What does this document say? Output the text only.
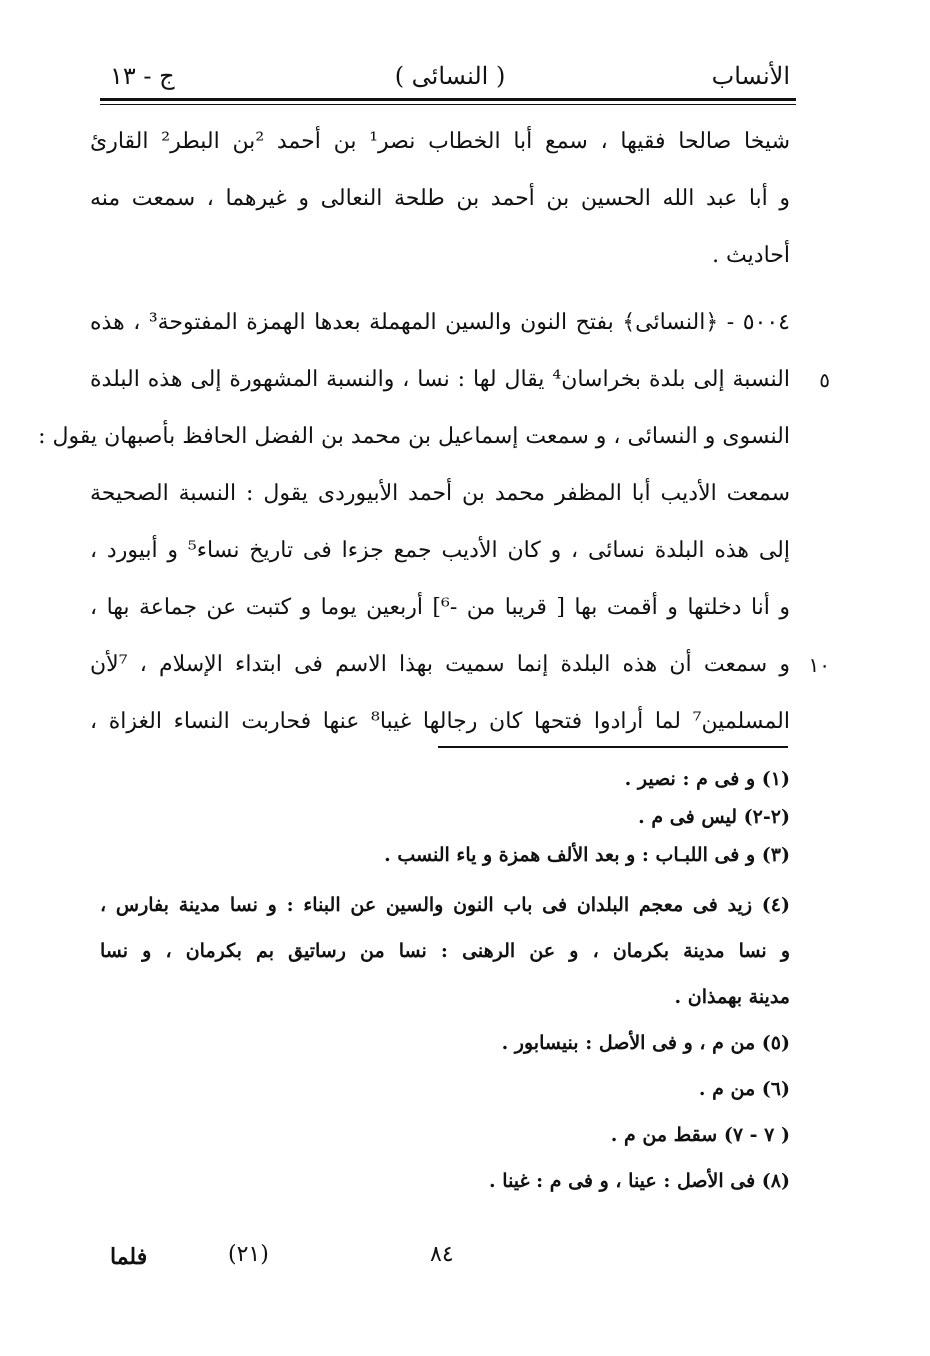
الأنساب
( النسائى )
ج - ١٣
شيخا صالحا فقيها ، سمع أبا الخطاب نصر¹ بن أحمد ²بن البطر² القارئ
و أبا عبد الله الحسين بن أحمد بن طلحة النعالى و غيرهما ، سمعت منه
أحاديث .
٥٠٠٤ - ﴿النسائى﴾ بفتح النون والسين المهملة بعدها الهمزة المفتوحة³ ، هذه
٥
النسبة إلى بلدة بخراسان⁴ يقال لها : نسا ، والنسبة المشهورة إلى هذه البلدة
النسوى و النسائى ، و سمعت إسماعيل بن محمد بن الفضل الحافظ بأصبهان يقول :
سمعت الأديب أبا المظفر محمد بن أحمد الأبيوردى يقول : النسبة الصحيحة
إلى هذه البلدة نسائى ، و كان الأديب جمع جزءا فى تاريخ نساء⁵ و أبيورد ،
و أنا دخلتها و أقمت بها [ قريبا من -⁶] أربعين يوما و كتبت عن جماعة بها ،
١٠
و سمعت أن هذه البلدة إنما سميت بهذا الاسم فى ابتداء الإسلام ، ⁷لأن
المسلمين⁷ لما أرادوا فتحها كان رجالها غيبا⁸ عنها فحاربت النساء الغزاة ،
(١) و فى م : نصير .
(٢-٢) ليس فى م .
(٣) و فى اللبـاب : و بعد الألف همزة و ياء النسب .
(٤) زيد فى معجم البلدان فى باب النون والسين عن البناء : و نسا مدينة بفارس ،
و نسا مدينة بكرمان ، و عن الرهنى : نسا من رساتيق بم بكرمان ، و نسا
مدينة بهمذان .
(٥) من م ، و فى الأصل : بنيسابور .
(٦) من م .
( ٧ - ٧) سقط من م .
(٨) فى الأصل : عينا ، و فى م : غينا .
فلما	(٢١)	٨٤
